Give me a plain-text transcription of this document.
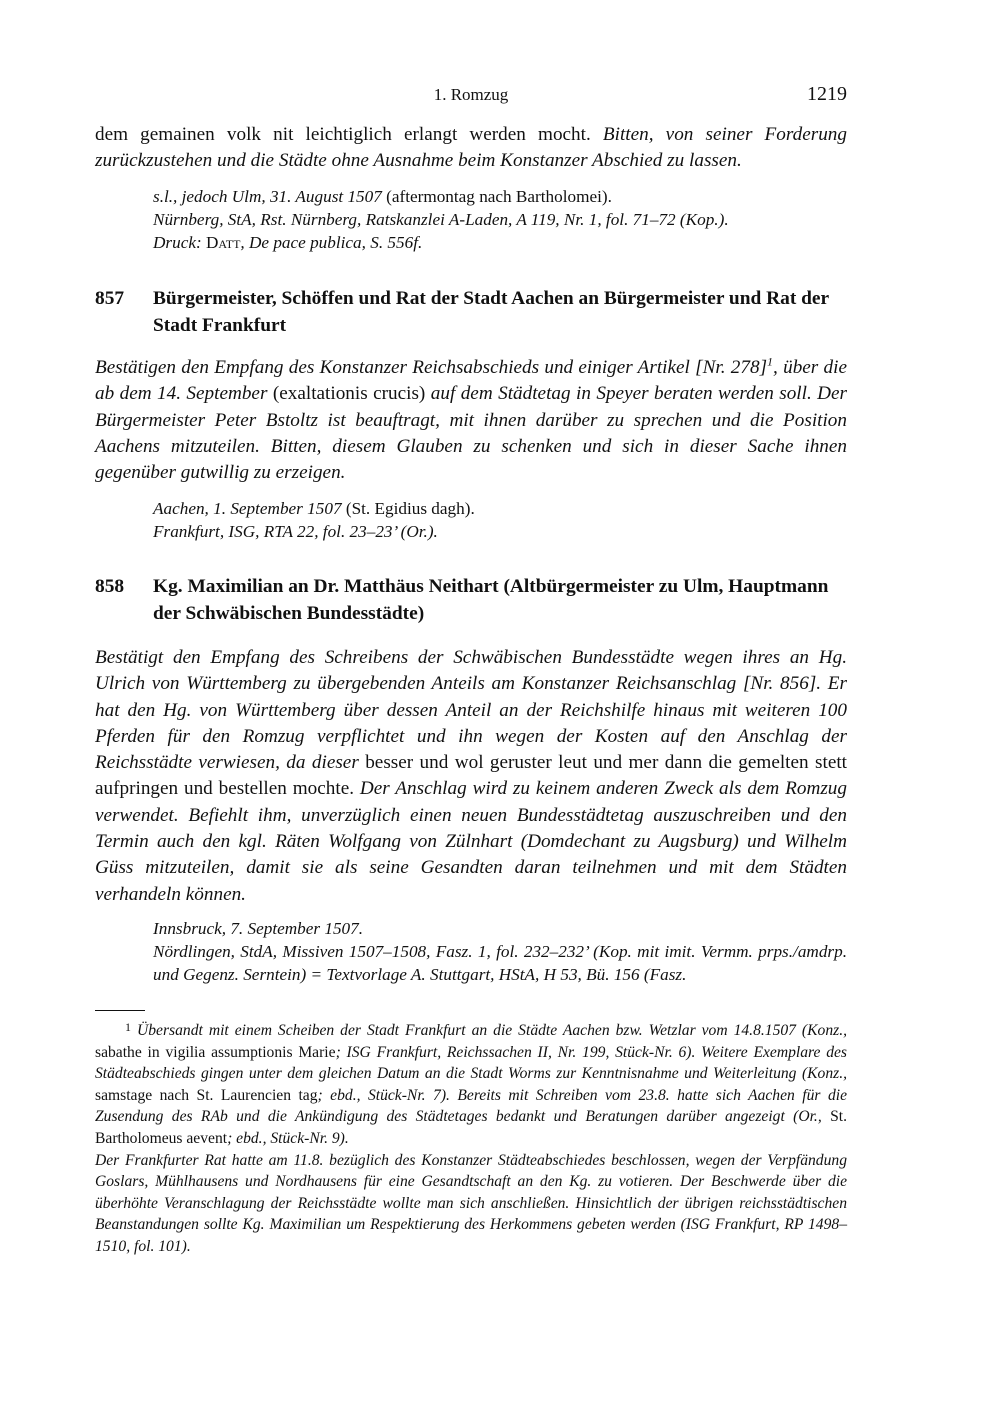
1. Romzug	1219

dem gemainen volk nit leichtiglich erlangt werden mocht. Bitten, von seiner Forderung zurückzustehen und die Städte ohne Ausnahme beim Konstanzer Abschied zu lassen.

s.l., jedoch Ulm, 31. August 1507 (aftermontag nach Bartholomei).

Nürnberg, StA, Rst. Nürnberg, Ratskanzlei A-Laden, A 119, Nr. 1, fol. 71–72 (Kop.).

Druck: Datt, De pace publica, S. 556f.

857	Bürgermeister, Schöffen und Rat der Stadt Aachen an Bürgermeister und Rat der Stadt Frankfurt

Bestätigen den Empfang des Konstanzer Reichsabschieds und einiger Artikel [Nr. 278]$^1$, über die ab dem 14. September (exaltationis crucis) auf dem Städtetag in Speyer beraten werden soll. Der Bürgermeister Peter Bstoltz ist beauftragt, mit ihnen darüber zu sprechen und die Position Aachens mitzuteilen. Bitten, diesem Glauben zu schenken und sich in dieser Sache ihnen gegenüber gutwillig zu erzeigen.

Aachen, 1. September 1507 (St. Egidius dagh).

Frankfurt, ISG, RTA 22, fol. 23–23’ (Or.).

858	Kg. Maximilian an Dr. Matthäus Neithart (Altbürgermeister zu Ulm, Hauptmann der Schwäbischen Bundesstädte)

Bestätigt den Empfang des Schreibens der Schwäbischen Bundesstädte wegen ihres an Hg. Ulrich von Württemberg zu übergebenden Anteils am Konstanzer Reichsanschlag [Nr. 856]. Er hat den Hg. von Württemberg über dessen Anteil an der Reichshilfe hinaus mit weiteren 100 Pferden für den Romzug verpflichtet und ihn wegen der Kosten auf den Anschlag der Reichsstädte verwiesen, da dieser besser und wol geruster leut und mer dann die gemelten stett aufpringen und bestellen mochte. Der Anschlag wird zu keinem anderen Zweck als dem Romzug verwendet. Befiehlt ihm, unverzüglich einen neuen Bundesstädtetag auszuschreiben und den Termin auch den kgl. Räten Wolfgang von Zülnhart (Domdechant zu Augsburg) und Wilhelm Güss mitzuteilen, damit sie als seine Gesandten daran teilnehmen und mit dem Städten verhandeln können.

Innsbruck, 7. September 1507.

Nördlingen, StdA, Missiven 1507–1508, Fasz. 1, fol. 232–232’ (Kop. mit imit. Vermm. prps./amdrp. und Gegenz. Serntein) = Textvorlage A. Stuttgart, HStA, H 53, Bü. 156 (Fasz.

$^1$ Übersandt mit einem Scheiben der Stadt Frankfurt an die Städte Aachen bzw. Wetzlar vom 14.8.1507 (Konz., sabathe in vigilia assumptionis Marie; ISG Frankfurt, Reichssachen II, Nr. 199, Stück-Nr. 6). Weitere Exemplare des Städteabschieds gingen unter dem gleichen Datum an die Stadt Worms zur Kenntnisnahme und Weiterleitung (Konz., samstage nach St. Laurencien tag; ebd., Stück-Nr. 7). Bereits mit Schreiben vom 23.8. hatte sich Aachen für die Zusendung des RAb und die Ankündigung des Städtetages bedankt und Beratungen darüber angezeigt (Or., St. Bartholomeus aevent; ebd., Stück-Nr. 9).

Der Frankfurter Rat hatte am 11.8. bezüglich des Konstanzer Städteabschiedes beschlossen, wegen der Verpfändung Goslars, Mühlhausens und Nordhausens für eine Gesandtschaft an den Kg. zu votieren. Der Beschwerde über die überhöhte Veranschlagung der Reichsstädte wollte man sich anschließen. Hinsichtlich der übrigen reichsstädtischen Beanstandungen sollte Kg. Maximilian um Respektierung des Herkommens gebeten werden (ISG Frankfurt, RP 1498–1510, fol. 101).
